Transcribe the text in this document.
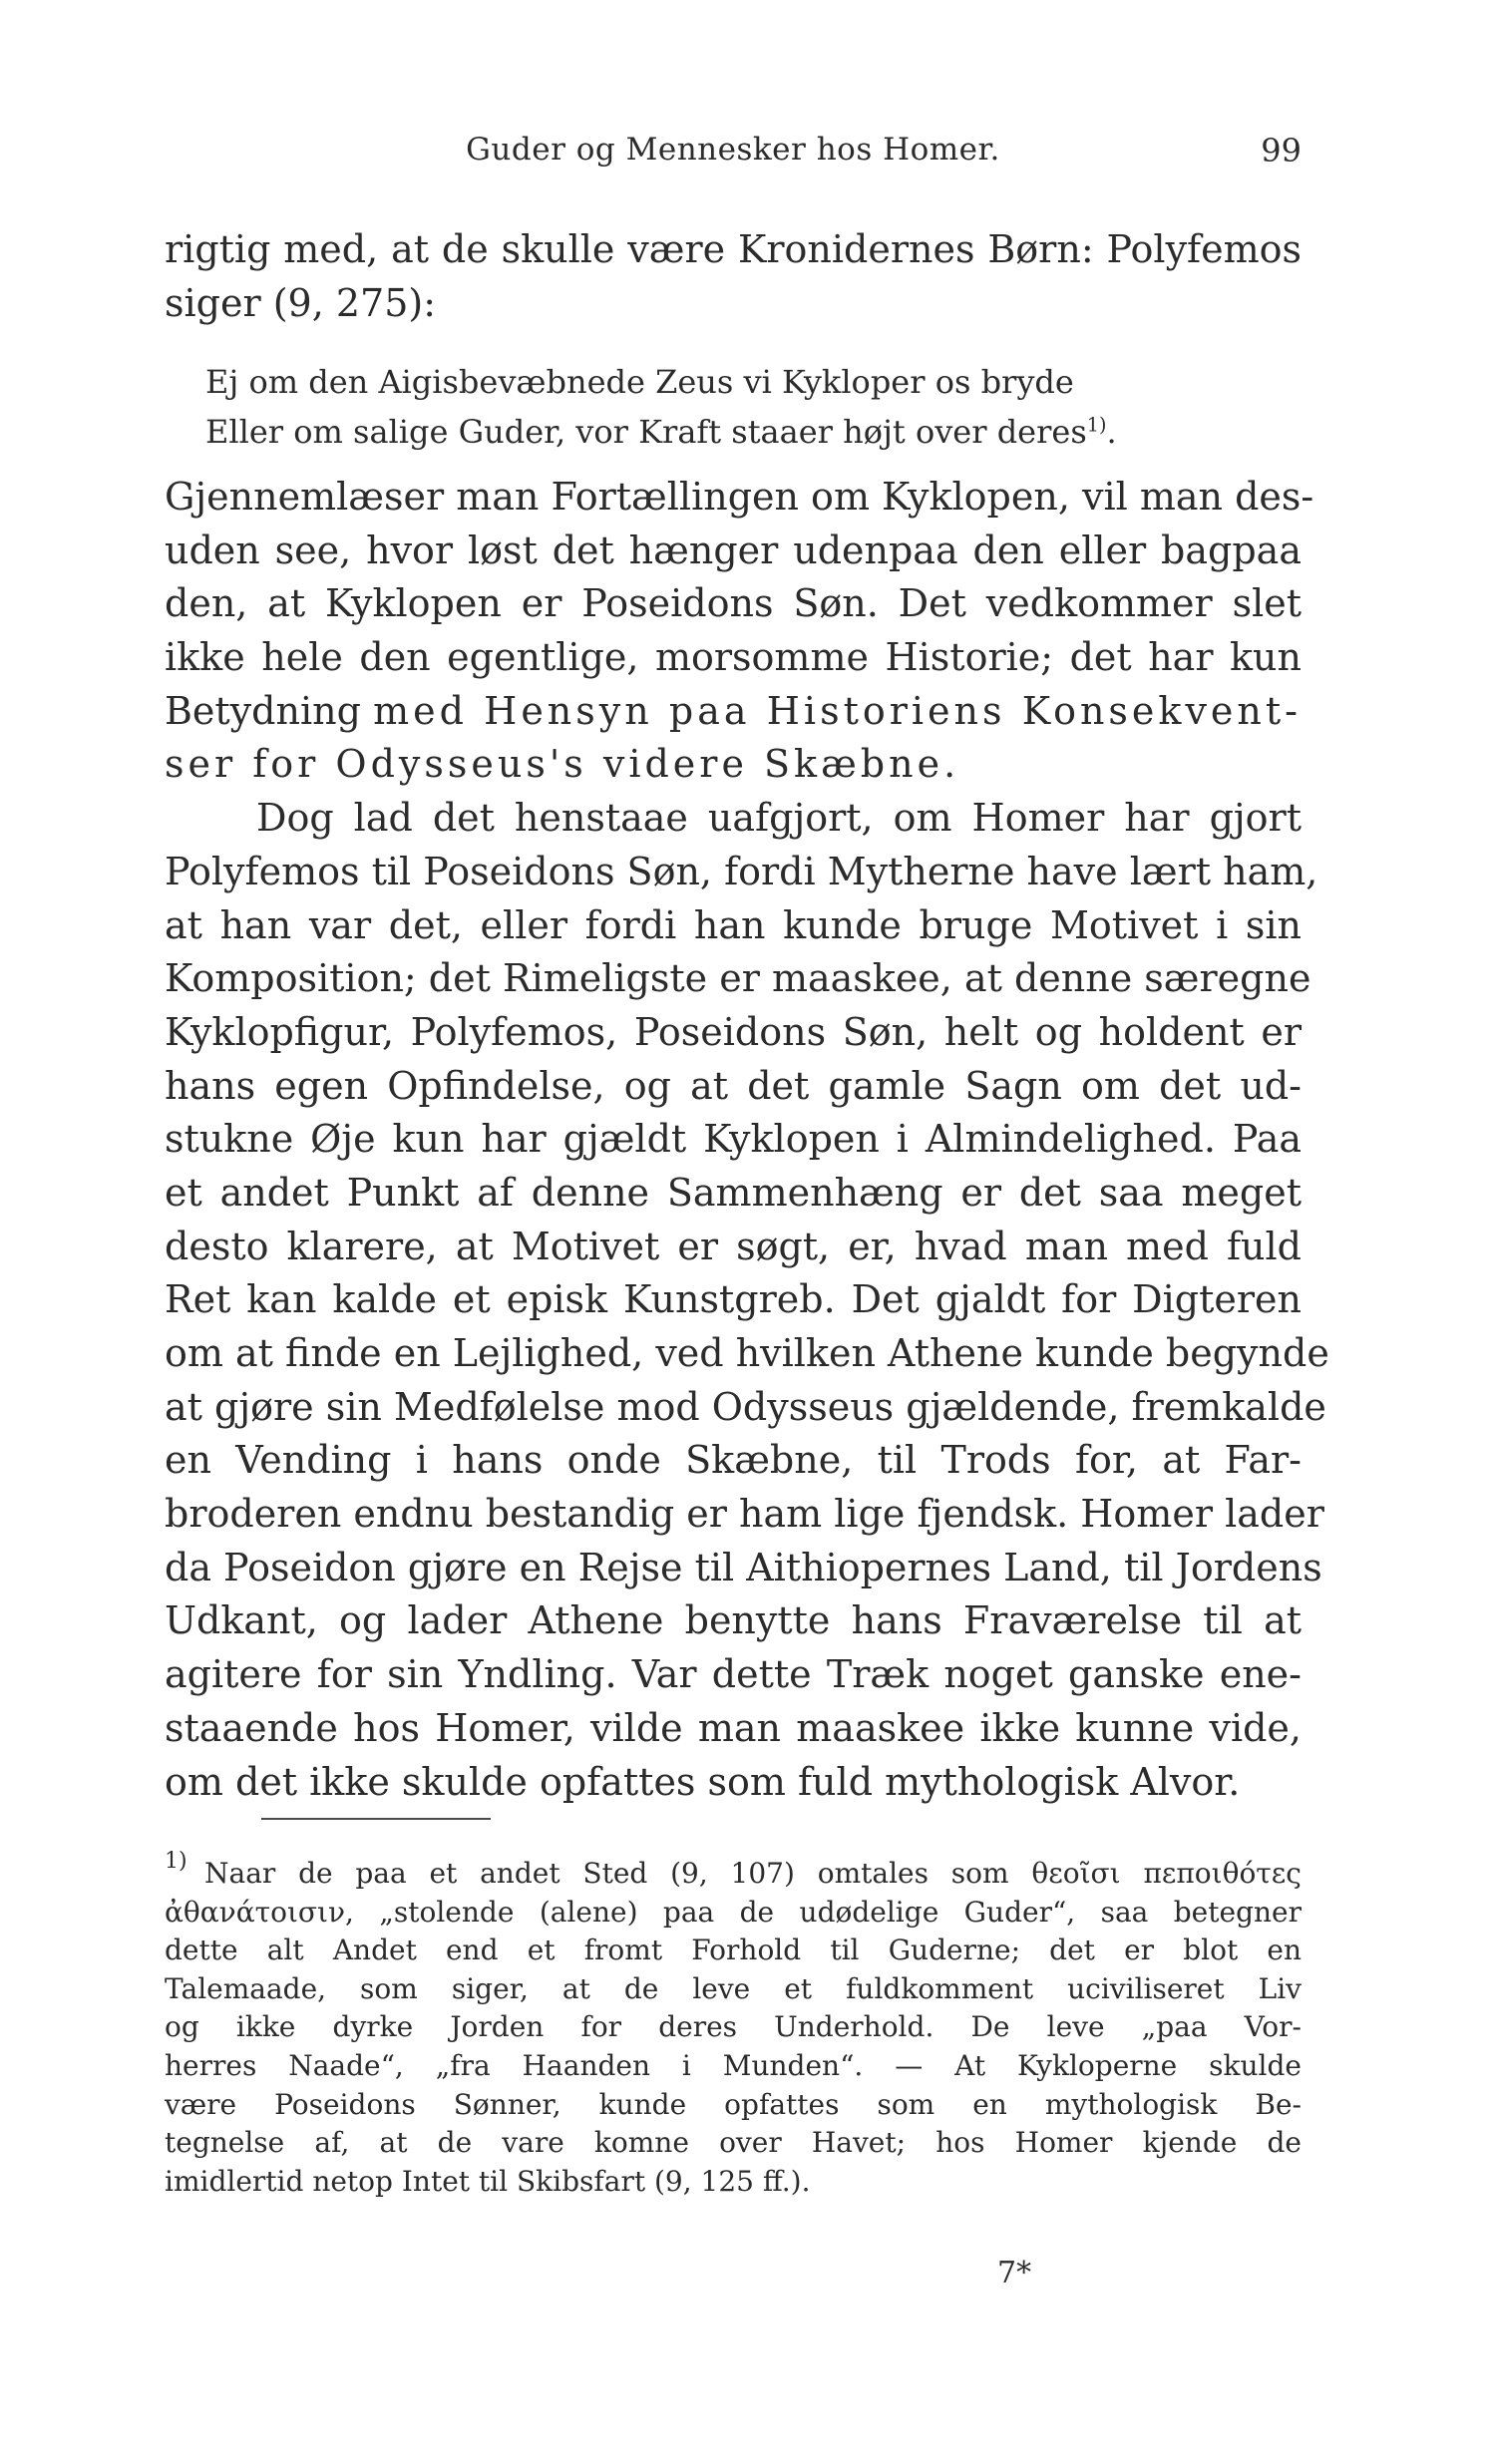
Guder og Mennesker hos Homer.	99
rigtig med, at de skulle være Kronidernes Børn: Polyfemos
siger (9, 275):
Ej om den Aigisbevæbnede Zeus vi Kykloper os bryde
Eller om salige Guder, vor Kraft staaer højt over deres$^{1)}$.
Gjennemlæser man Fortællingen om Kyklopen, vil man des-
uden see, hvor løst det hænger udenpaa den eller bagpaa
den, at Kyklopen er Poseidons Søn. Det vedkommer slet
ikke hele den egentlige, morsomme Historie; det har kun
Betydning med Hensyn paa Historiens Konsekvent-
ser for Odysseus's videre Skæbne.
Dog lad det henstaae uafgjort, om Homer har gjort
Polyfemos til Poseidons Søn, fordi Mytherne have lært ham,
at han var det, eller fordi han kunde bruge Motivet i sin
Komposition; det Rimeligste er maaskee, at denne særegne
Kyklopfigur, Polyfemos, Poseidons Søn, helt og holdent er
hans egen Opfindelse, og at det gamle Sagn om det ud-
stukne Øje kun har gjældt Kyklopen i Almindelighed. Paa
et andet Punkt af denne Sammenhæng er det saa meget
desto klarere, at Motivet er søgt, er, hvad man med fuld
Ret kan kalde et episk Kunstgreb. Det gjaldt for Digteren
om at finde en Lejlighed, ved hvilken Athene kunde begynde
at gjøre sin Medfølelse mod Odysseus gjældende, fremkalde
en Vending i hans onde Skæbne, til Trods for, at Far-
broderen endnu bestandig er ham lige fjendsk. Homer lader
da Poseidon gjøre en Rejse til Aithiopernes Land, til Jordens
Udkant, og lader Athene benytte hans Fraværelse til at
agitere for sin Yndling. Var dette Træk noget ganske ene-
staaende hos Homer, vilde man maaskee ikke kunne vide,
om det ikke skulde opfattes som fuld mythologisk Alvor.
1) Naar de paa et andet Sted (9, 107) omtales som θεοῖσι πεποιθότες
ἀθανάτοισιν, „stolende (alene) paa de udødelige Guder“, saa betegner
dette alt Andet end et fromt Forhold til Guderne; det er blot en
Talemaade, som siger, at de leve et fuldkomment uciviliseret Liv
og ikke dyrke Jorden for deres Underhold. De leve „paa Vor-
herres Naade“, „fra Haanden i Munden“. — At Kykloperne skulde
være Poseidons Sønner, kunde opfattes som en mythologisk Be-
tegnelse af, at de vare komne over Havet; hos Homer kjende de
imidlertid netop Intet til Skibsfart (9, 125 ff.).
7*
